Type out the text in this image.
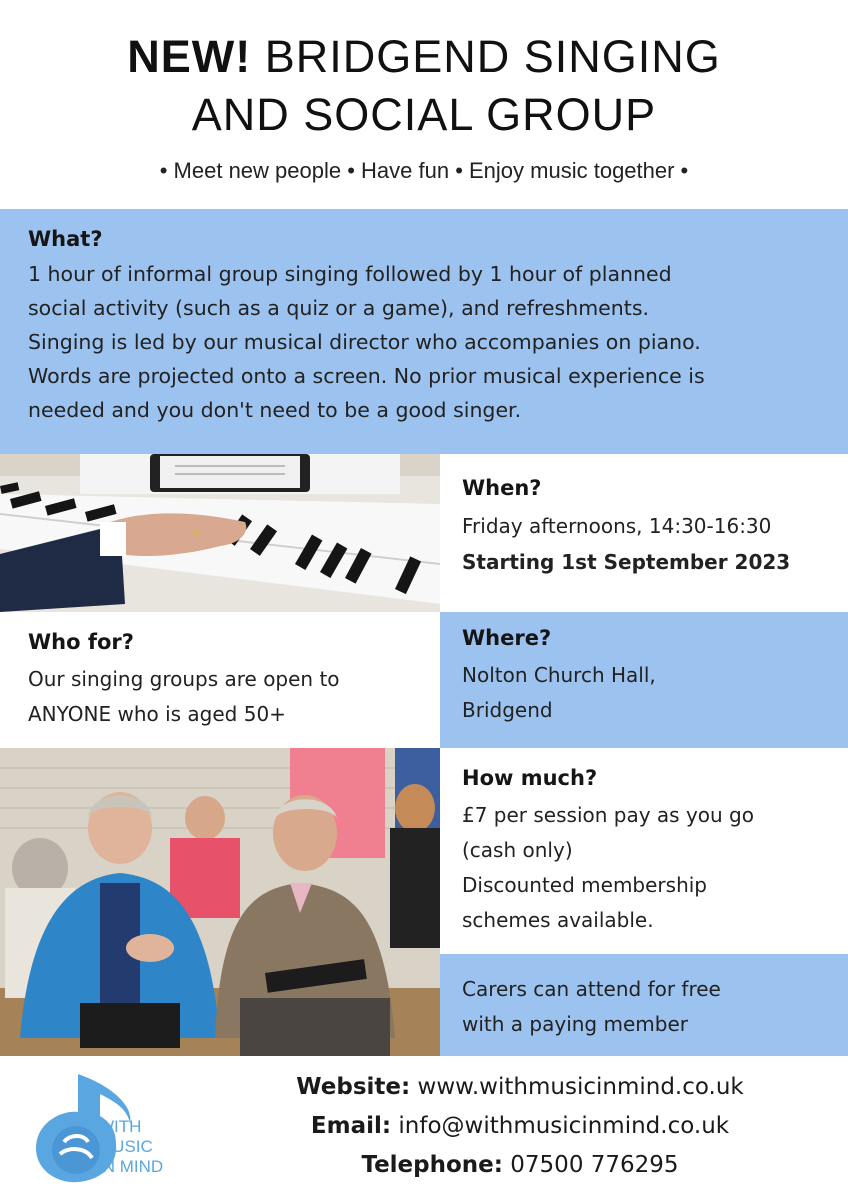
NEW! BRIDGEND SINGING
AND SOCIAL GROUP
• Meet new people • Have fun • Enjoy music together •
What?
1 hour of informal group singing followed by 1 hour of planned
social activity (such as a quiz or a game), and refreshments.
Singing is led by our musical director who accompanies on piano.
Words are projected onto a screen. No prior musical experience is
needed and you don't need to be a good singer.
When?
Friday afternoons, 14:30-16:30
Starting 1st September 2023
Who for?
Our singing groups are open to
ANYONE who is aged 50+
Where?
Nolton Church Hall,
Bridgend
How much?
£7 per session pay as you go
(cash only)
Discounted membership
schemes available.
Carers can attend for free
with a paying member
WITH
MUSIC
IN MIND
Website: www.withmusicinmind.co.uk
Email: info@withmusicinmind.co.uk
Telephone: 07500 776295
